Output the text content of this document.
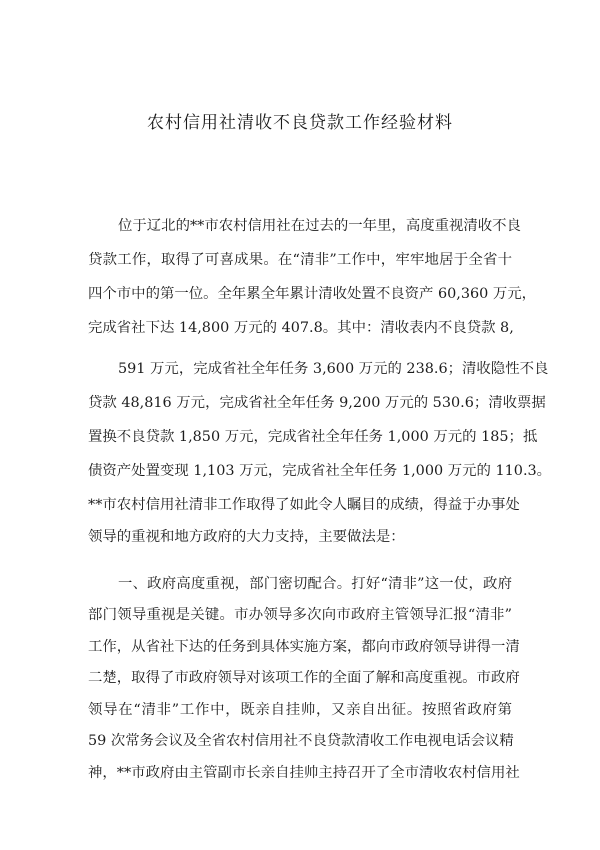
农村信用社清收不良贷款工作经验材料
位于辽北的**市农村信用社在过去的一年里，高度重视清收不良
贷款工作，取得了可喜成果。在“清非”工作中，牢牢地居于全省十
四个市中的第一位。全年累全年累计清收处置不良资产 60,360 万元，
完成省社下达 14,800 万元的 407.8。其中：清收表内不良贷款 8,
591 万元，完成省社全年任务 3,600 万元的 238.6；清收隐性不良
贷款 48,816 万元，完成省社全年任务 9,200 万元的 530.6；清收票据
置换不良贷款 1,850 万元，完成省社全年任务 1,000 万元的 185；抵
债资产处置变现 1,103 万元，完成省社全年任务 1,000 万元的 110.3。
**市农村信用社清非工作取得了如此令人瞩目的成绩，得益于办事处
领导的重视和地方政府的大力支持，主要做法是：
一、政府高度重视，部门密切配合。打好“清非”这一仗，政府
部门领导重视是关键。市办领导多次向市政府主管领导汇报“清非”
工作，从省社下达的任务到具体实施方案，都向市政府领导讲得一清
二楚，取得了市政府领导对该项工作的全面了解和高度重视。市政府
领导在“清非”工作中，既亲自挂帅，又亲自出征。按照省政府第
59 次常务会议及全省农村信用社不良贷款清收工作电视电话会议精
神，**市政府由主管副市长亲自挂帅主持召开了全市清收农村信用社
